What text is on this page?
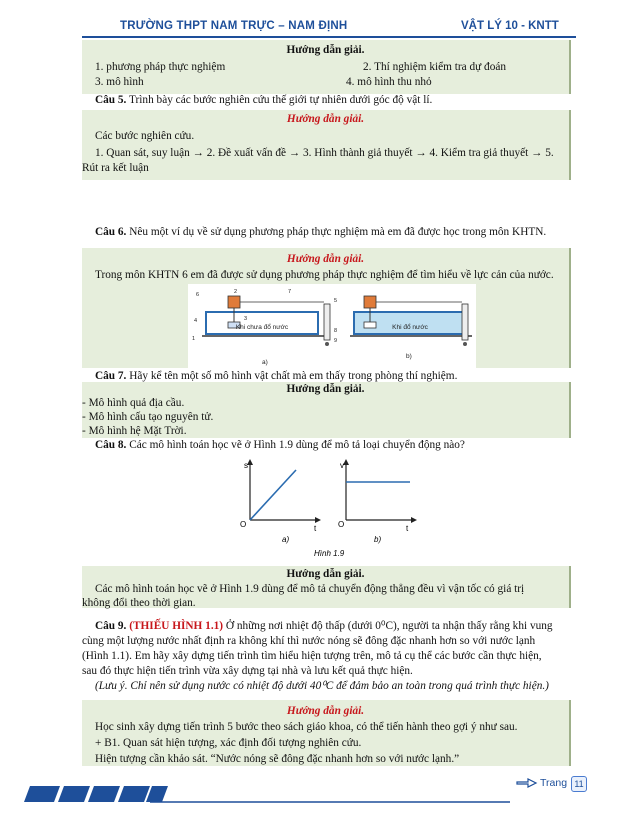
TRƯỜNG THPT NAM TRỰC – NAM ĐỊNH	VẬT LÝ 10 - KNTT
Hướng dẫn giải.
1. phương pháp thực nghiệm	2. Thí nghiệm kiểm tra dự đoán
3. mô hình	4. mô hình thu nhỏ
Câu 5. Trình bày các bước nghiên cứu thế giới tự nhiên dưới góc độ vật lí.
Hướng dẫn giải.
Các bước nghiên cứu.
1. Quan sát, suy luận → 2. Đề xuất vấn đề → 3. Hình thành giả thuyết → 4. Kiểm tra giả thuyết → 5.
Rút ra kết luận
Câu 6. Nêu một ví dụ về sử dụng phương pháp thực nghiệm mà em đã được học trong môn KHTN.
Hướng dẫn giải.
Trong môn KHTN 6 em đã được sử dụng phương pháp thực nghiệm để tìm hiểu về lực cản của nước.
Khi chưa đổ nước
a)
6	2	7
5
3
4
1
8
9
Khi đổ nước
b)
Câu 7. Hãy kể tên một số mô hình vật chất mà em thấy trong phòng thí nghiệm.
Hướng dẫn giải.
- Mô hình quả địa cầu.
- Mô hình cấu tạo nguyên tử.
- Mô hình hệ Mặt Trời.
Câu 8. Các mô hình toán học vẽ ở Hình 1.9 dùng để mô tả loại chuyển động nào?
s
t
O
a)
v
t
O
b)
Hình 1.9
Hướng dẫn giải.
Các mô hình toán học vẽ ở Hình 1.9 dùng để mô tả chuyển động thẳng đều vì vận tốc có giá trị
không đổi theo thời gian.
Câu 9. (THIẾU HÌNH 1.1) Ở những nơi nhiệt độ thấp (dưới 0⁰C), người ta nhận thấy rằng khi vung
cùng một lượng nước nhất định ra không khí thì nước nóng sẽ đông đặc nhanh hơn so với nước lạnh
(Hình 1.1). Em hãy xây dựng tiến trình tìm hiểu hiện tượng trên, mô tả cụ thể các bước cần thực hiện,
sau đó thực hiện tiến trình vừa xây dựng tại nhà và lưu kết quả thực hiện.
(Lưu ý. Chỉ nên sử dụng nước có nhiệt độ dưới 40⁰C để đảm bảo an toàn trong quá trình thực hiện.)
Hướng dẫn giải.
Học sinh xây dựng tiến trình 5 bước theo sách giáo khoa, có thể tiến hành theo gợi ý như sau.
+ B1. Quan sát hiện tượng, xác định đối tượng nghiên cứu.
Hiện tượng cần khảo sát. “Nước nóng sẽ đông đặc nhanh hơn so với nước lạnh.”
Trang 11
